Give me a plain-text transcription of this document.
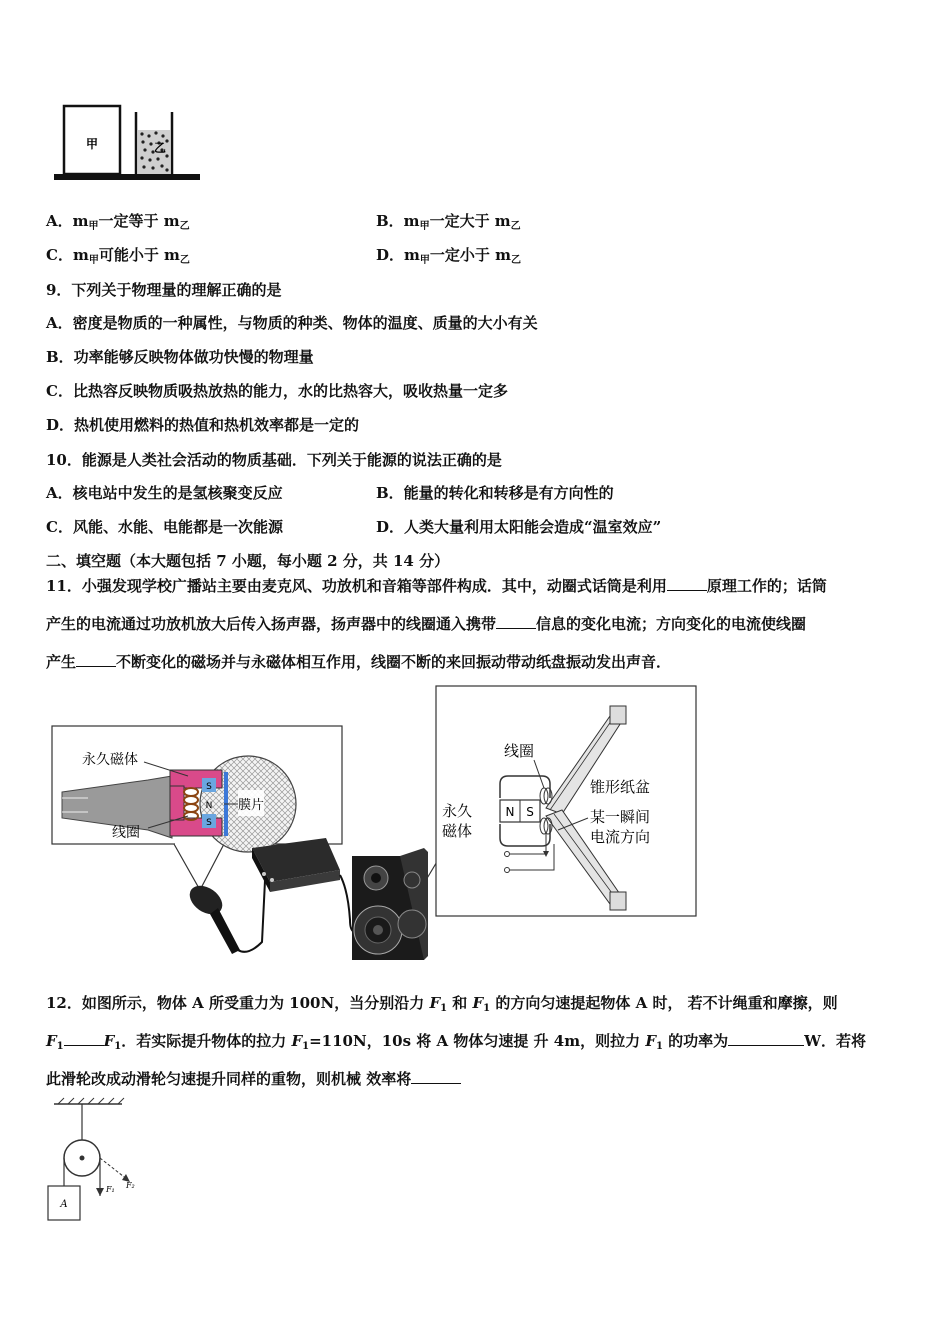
甲	乙
A．$m_甲$一定等于 $m_乙$	B．$m_甲$一定大于 $m_乙$
C．$m_甲$可能小于 $m_乙$	D．$m_甲$一定小于 $m_乙$
9．下列关于物理量的理解正确的是
A．密度是物质的一种属性，与物质的种类、物体的温度、质量的大小有关
B．功率能够反映物体做功快慢的物理量
C．比热容反映物质吸热放热的能力，水的比热容大，吸收热量一定多
D．热机使用燃料的热值和热机效率都是一定的
10．能源是人类社会活动的物质基础．下列关于能源的说法正确的是
A．核电站中发生的是氢核聚变反应	B．能量的转化和转移是有方向性的
C．风能、水能、电能都是一次能源	D．人类大量利用太阳能会造成“温室效应”
二、填空题（本大题包括 7 小题，每小题 2 分，共 14 分）
11．小强发现学校广播站主要由麦克风、功放机和音箱等部件构成．其中，动圈式话筒是利用	原理工作的；话筒
产生的电流通过功放机放大后传入扬声器，扬声器中的线圈通入携带	信息的变化电流；方向变化的电流使线圈
产生	不断变化的磁场并与永磁体相互作用，线圈不断的来回振动带动纸盘振动发出声音．
S
N
S
膜片
永久磁体
线圈
N S
线圈
锥形纸盆
永久
磁体
某一瞬间
电流方向
12．如图所示，物体 A 所受重力为 100N，当分别沿力 $F_1$ 和 $F_1$ 的方向匀速提起物体 A 时， 若不计绳重和摩擦，则
$F_1$	$F_1$．若实际提升物体的拉力 $F_1=110N$，10s 将 A 物体匀速提 升 4m，则拉力 $F_1$ 的功率为	W．若将
此滑轮改成动滑轮匀速提升同样的重物，则机械 效率将
A
F₁ F₂
